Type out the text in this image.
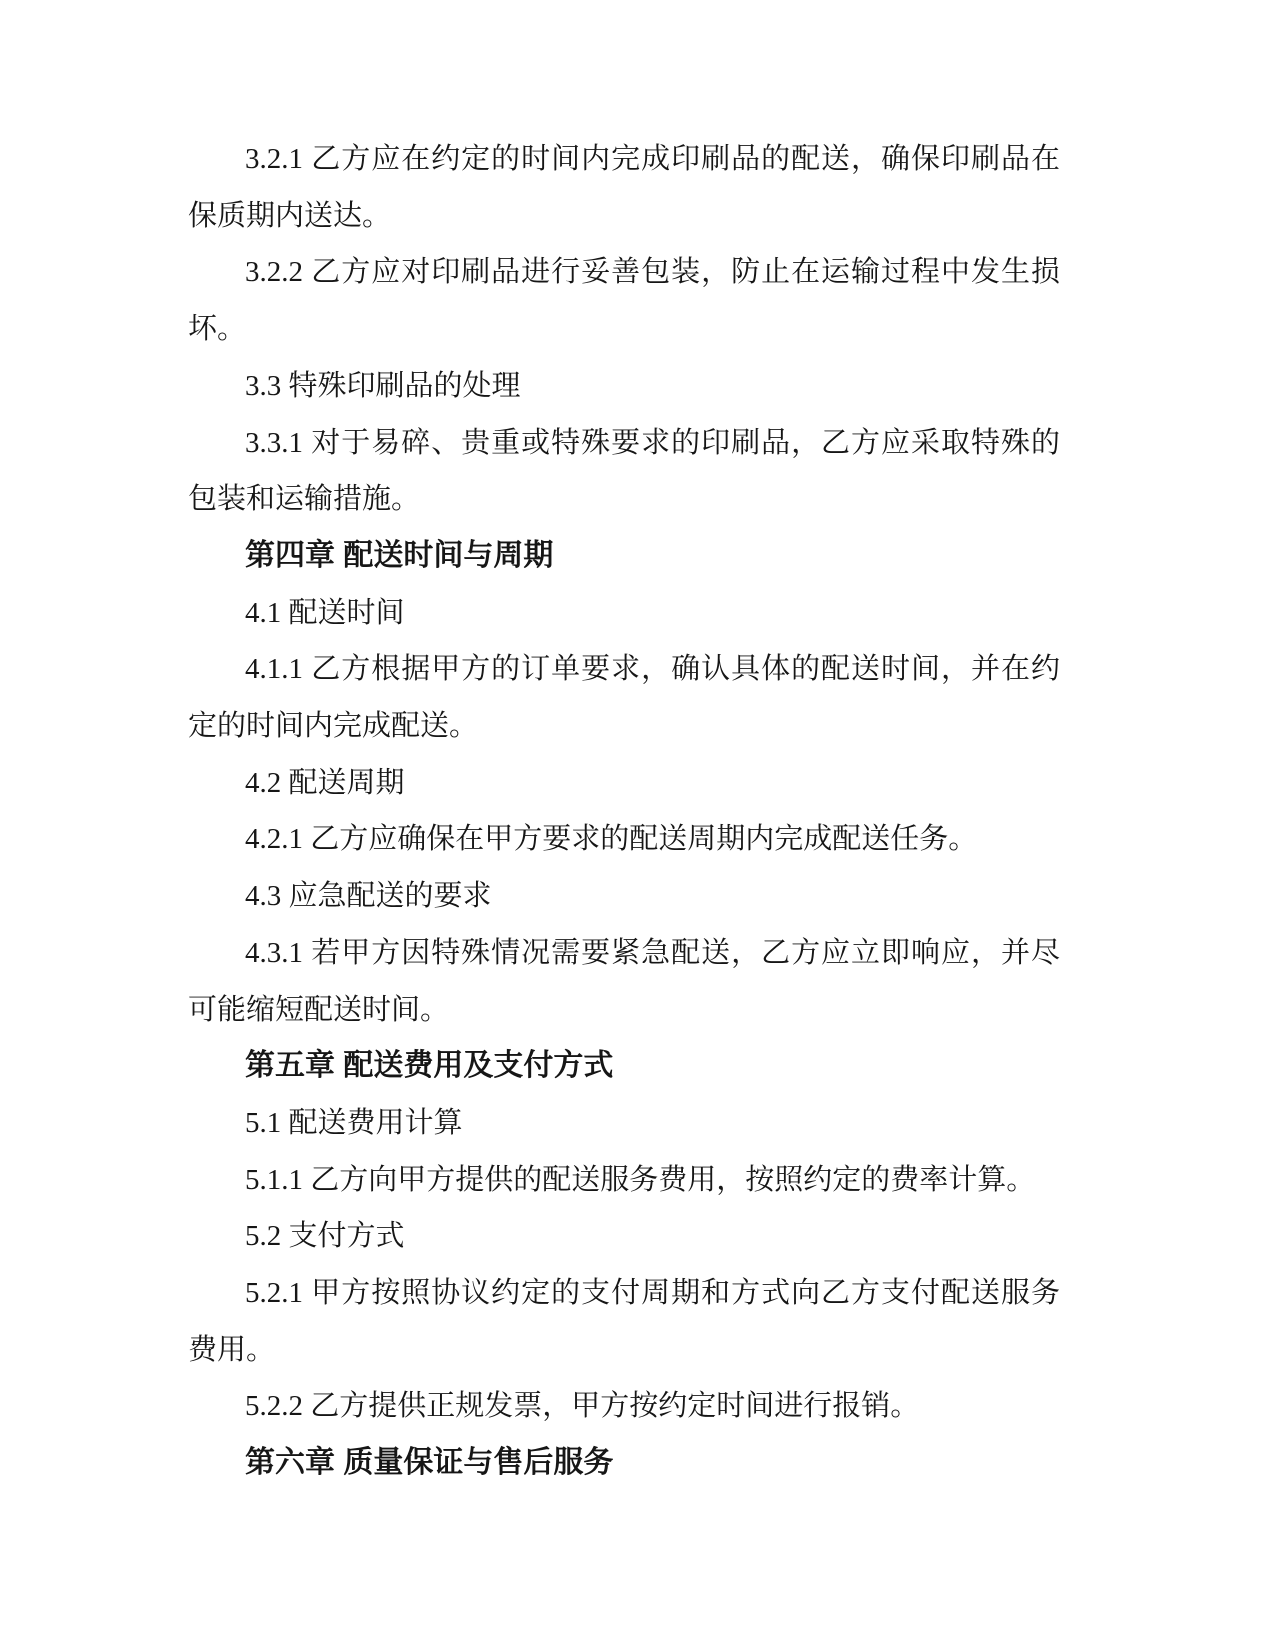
3.2.1 乙方应在约定的时间内完成印刷品的配送，确保印刷品在保质期内送达。

3.2.2 乙方应对印刷品进行妥善包装，防止在运输过程中发生损坏。

3.3 特殊印刷品的处理

3.3.1 对于易碎、贵重或特殊要求的印刷品，乙方应采取特殊的包装和运输措施。

第四章 配送时间与周期

4.1 配送时间

4.1.1 乙方根据甲方的订单要求，确认具体的配送时间，并在约定的时间内完成配送。

4.2 配送周期

4.2.1 乙方应确保在甲方要求的配送周期内完成配送任务。

4.3 应急配送的要求

4.3.1 若甲方因特殊情况需要紧急配送，乙方应立即响应，并尽可能缩短配送时间。

第五章 配送费用及支付方式

5.1 配送费用计算

5.1.1 乙方向甲方提供的配送服务费用，按照约定的费率计算。

5.2 支付方式

5.2.1 甲方按照协议约定的支付周期和方式向乙方支付配送服务费用。

5.2.2 乙方提供正规发票，甲方按约定时间进行报销。

第六章 质量保证与售后服务
